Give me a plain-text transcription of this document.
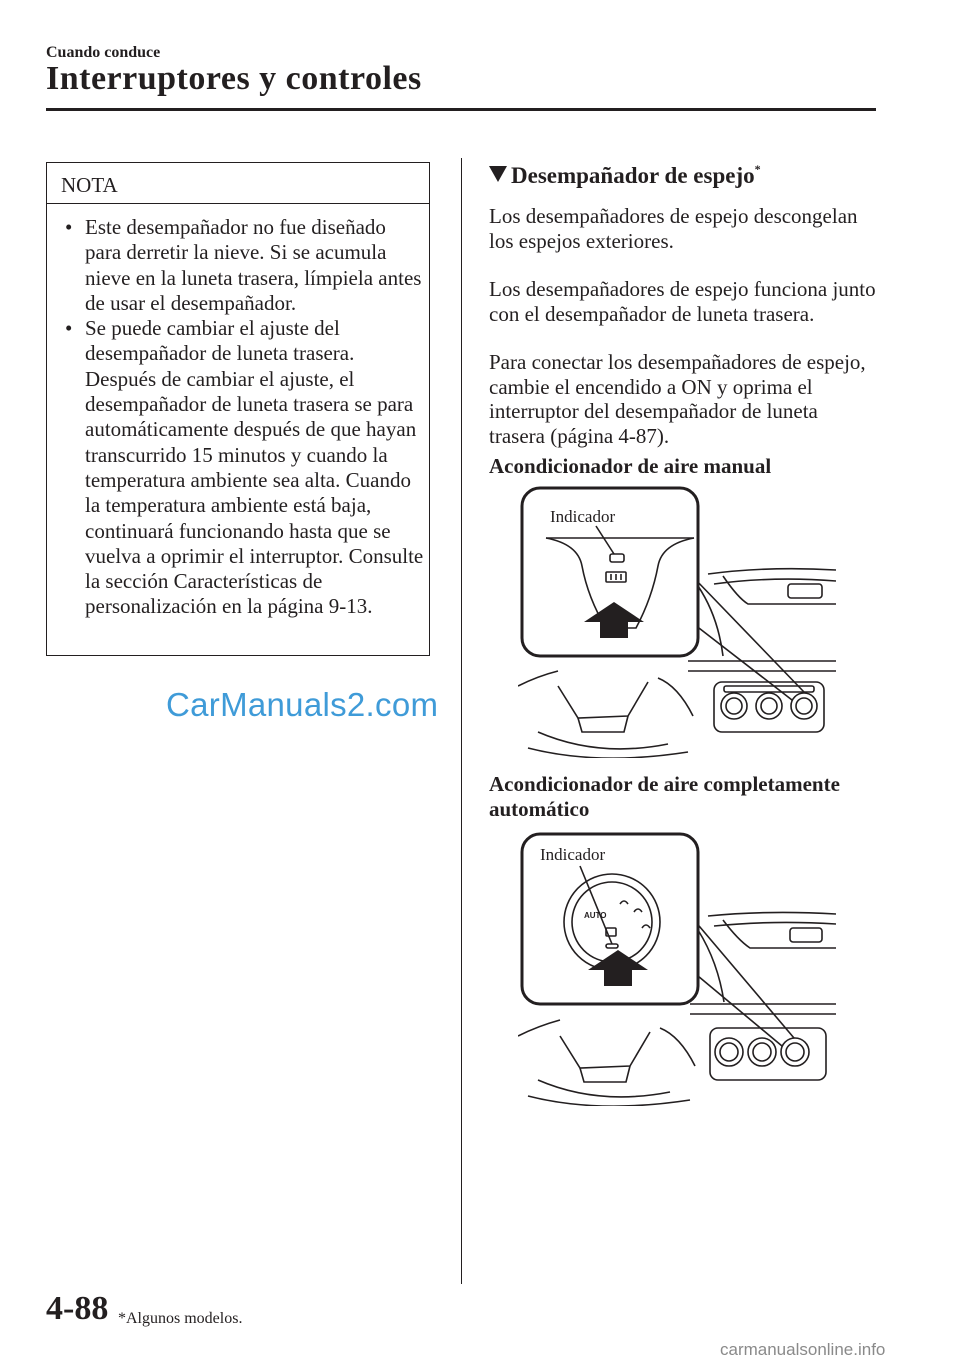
Cuando conduce
Interruptores y controles
NOTA
• Este desempañador no fue diseñado para derretir la nieve. Si se acumula nieve en la luneta trasera, límpiela antes de usar el desempañador.
• Se puede cambiar el ajuste del desempañador de luneta trasera. Después de cambiar el ajuste, el desempañador de luneta trasera se para automáticamente después de que hayan transcurrido 15 minutos y cuando la temperatura ambiente sea alta. Cuando la temperatura ambiente está baja, continuará funcionando hasta que se vuelva a oprimir el interruptor. Consulte la sección Características de personalización en la página 9-13.
CarManuals2.com
Desempañador de espejo*

Los desempañadores de espejo descongelan los espejos exteriores.

Los desempañadores de espejo funciona junto con el desempañador de luneta trasera.

Para conectar los desempañadores de espejo, cambie el encendido a ON y oprima el interruptor del desempañador de luneta trasera (página 4-87).

Acondicionador de aire manual

Indicador

Acondicionador de aire completamente automático

AUTO
Indicador
4-88 *Algunos modelos.
carmanualsonline.info
